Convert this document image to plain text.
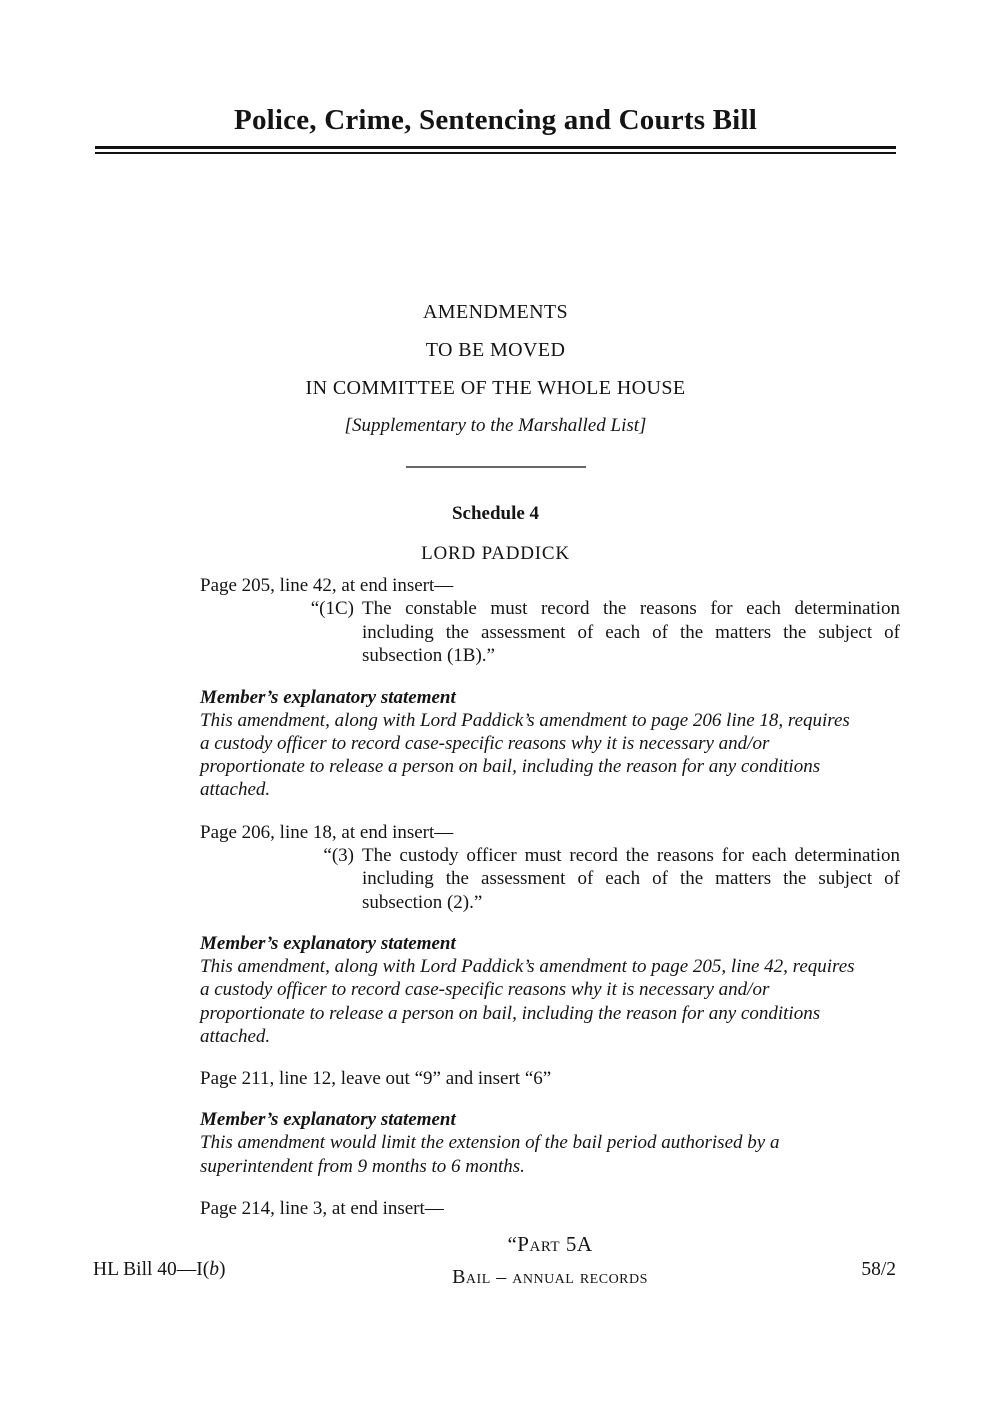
Police, Crime, Sentencing and Courts Bill
AMENDMENTS
TO BE MOVED
IN COMMITTEE OF THE WHOLE HOUSE
[Supplementary to the Marshalled List]
Schedule 4
LORD PADDICK
Page 205, line 42, at end insert—
“(1C) The constable must record the reasons for each determination including the assessment of each of the matters the subject of subsection (1B).”
Member’s explanatory statement
This amendment, along with Lord Paddick’s amendment to page 206 line 18, requires a custody officer to record case-specific reasons why it is necessary and/or proportionate to release a person on bail, including the reason for any conditions attached.
Page 206, line 18, at end insert—
“(3) The custody officer must record the reasons for each determination including the assessment of each of the matters the subject of subsection (2).”
Member’s explanatory statement
This amendment, along with Lord Paddick’s amendment to page 205, line 42, requires a custody officer to record case-specific reasons why it is necessary and/or proportionate to release a person on bail, including the reason for any conditions attached.
Page 211, line 12, leave out “9” and insert “6”
Member’s explanatory statement
This amendment would limit the extension of the bail period authorised by a superintendent from 9 months to 6 months.
Page 214, line 3, at end insert—
“Part 5A
Bail – annual records
HL Bill 40—I(b)	58/2
